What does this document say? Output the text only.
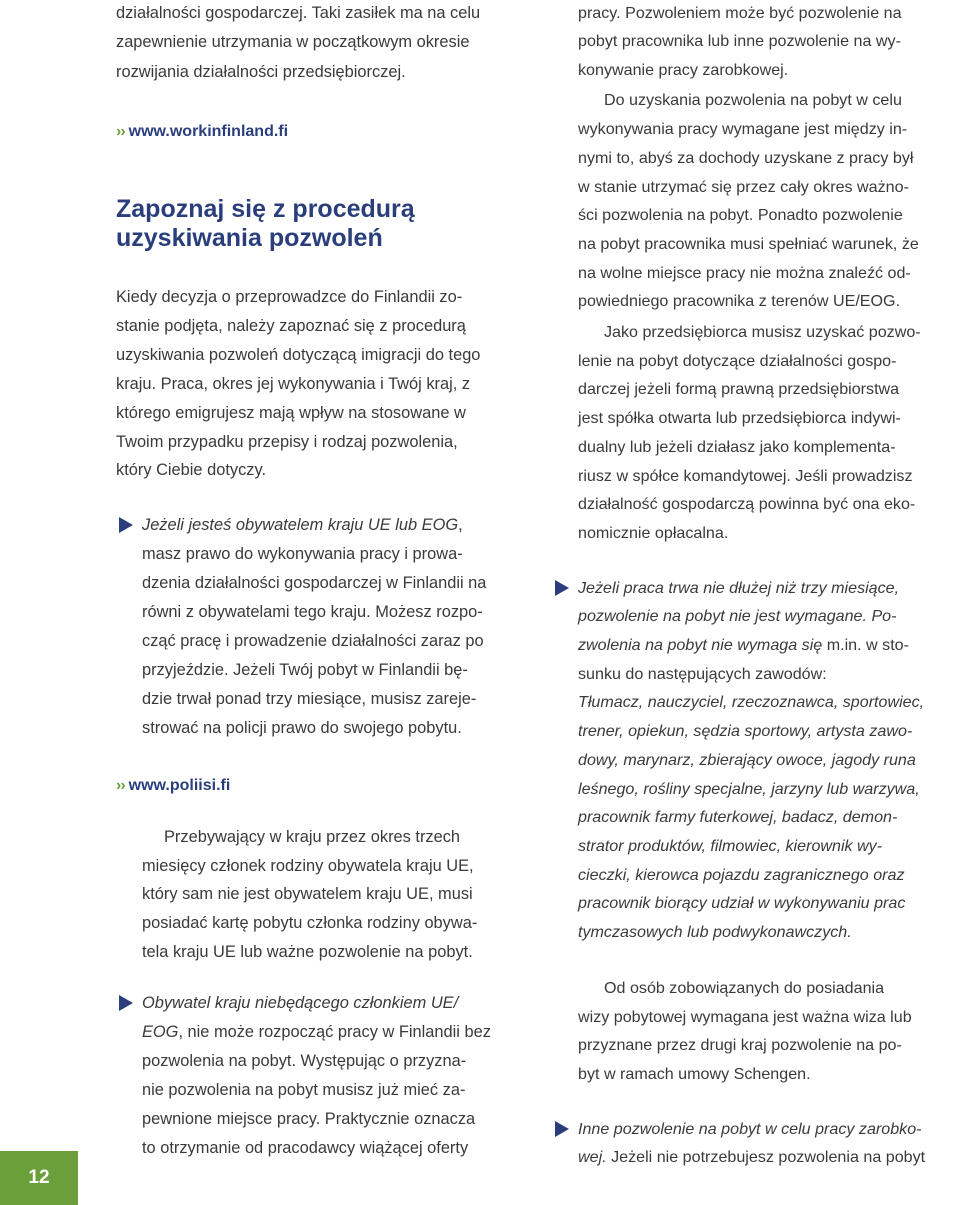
działalności gospodarczej. Taki zasiłek ma na celu
zapewnienie utrzymania w początkowym okresie
rozwijania działalności przedsiębiorczej.
›› www.workinfinland.fi
Zapoznaj się z procedurą
uzyskiwania pozwoleń
Kiedy decyzja o przeprowadzce do Finlandii zo-
stanie podjęta, należy zapoznać się z procedurą
uzyskiwania pozwoleń dotyczącą imigracji do tego
kraju. Praca, okres jej wykonywania i Twój kraj, z
którego emigrujesz mają wpływ na stosowane w
Twoim przypadku przepisy i rodzaj pozwolenia,
który Ciebie dotyczy.
Jeżeli jesteś obywatelem kraju UE lub EOG,
masz prawo do wykonywania pracy i prowa-
dzenia działalności gospodarczej w Finlandii na
równi z obywatelami tego kraju. Możesz rozpo-
cząć pracę i prowadzenie działalności zaraz po
przyjeździe. Jeżeli Twój pobyt w Finlandii bę-
dzie trwał ponad trzy miesiące, musisz zareje-
strować na policji prawo do swojego pobytu.
›› www.poliisi.fi
Przebywający w kraju przez okres trzech
miesięcy członek rodziny obywatela kraju UE,
który sam nie jest obywatelem kraju UE, musi
posiadać kartę pobytu członka rodziny obywa-
tela kraju UE lub ważne pozwolenie na pobyt.
Obywatel kraju niebędącego członkiem UE/
EOG, nie może rozpocząć pracy w Finlandii bez
pozwolenia na pobyt. Występując o przyzna-
nie pozwolenia na pobyt musisz już mieć za-
pewnione miejsce pracy. Praktycznie oznacza
to otrzymanie od pracodawcy wiążącej oferty
pracy. Pozwoleniem może być pozwolenie na
pobyt pracownika lub inne pozwolenie na wy-
konywanie pracy zarobkowej.
Do uzyskania pozwolenia na pobyt w celu
wykonywania pracy wymagane jest między in-
nymi to, abyś za dochody uzyskane z pracy był
w stanie utrzymać się przez cały okres ważno-
ści pozwolenia na pobyt. Ponadto pozwolenie
na pobyt pracownika musi spełniać warunek, że
na wolne miejsce pracy nie można znaleźć od-
powiedniego pracownika z terenów UE/EOG.
Jako przedsiębiorca musisz uzyskać pozwo-
lenie na pobyt dotyczące działalności gospo-
darczej jeżeli formą prawną przedsiębiorstwa
jest spółka otwarta lub przedsiębiorca indywi-
dualny lub jeżeli działasz jako komplementa-
riusz w spółce komandytowej. Jeśli prowadzisz
działalność gospodarczą powinna być ona eko-
nomicznie opłacalna.
Jeżeli praca trwa nie dłużej niż trzy miesiące,
pozwolenie na pobyt nie jest wymagane. Po-
zwolenia na pobyt nie wymaga się m.in. w sto-
sunku do następujących zawodów:
Tłumacz, nauczyciel, rzeczoznawca, sportowiec,
trener, opiekun, sędzia sportowy, artysta zawo-
dowy, marynarz, zbierający owoce, jagody runa
leśnego, rośliny specjalne, jarzyny lub warzywa,
pracownik farmy futerkowej, badacz, demon-
strator produktów, filmowiec, kierownik wy-
cieczki, kierowca pojazdu zagranicznego oraz
pracownik biorący udział w wykonywaniu prac
tymczasowych lub podwykonawczych.
Od osób zobowiązanych do posiadania
wizy pobytowej wymagana jest ważna wiza lub
przyznane przez drugi kraj pozwolenie na po-
byt w ramach umowy Schengen.
Inne pozwolenie na pobyt w celu pracy zarobko-
wej. Jeżeli nie potrzebujesz pozwolenia na pobyt
12
